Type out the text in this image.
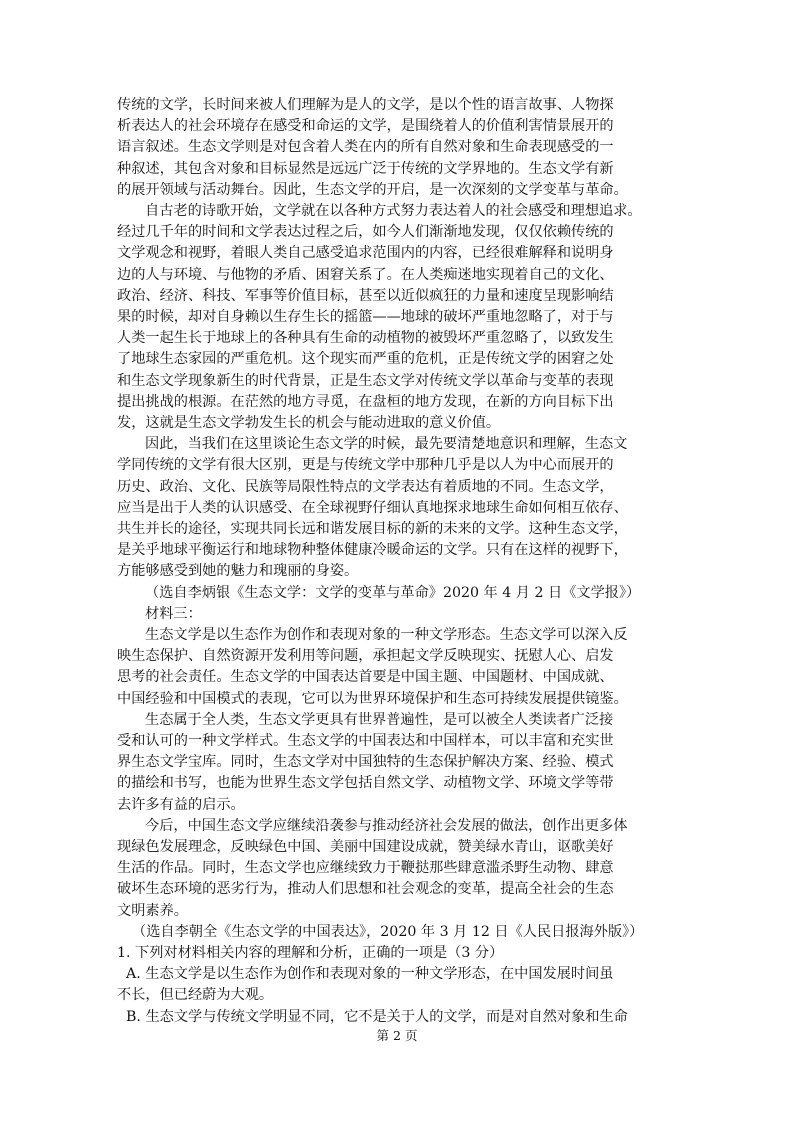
传统的文学，长时间来被人们理解为是人的文学，是以个性的语言故事、人物探
析表达人的社会环境存在感受和命运的文学，是围绕着人的价值利害情景展开的
语言叙述。生态文学则是对包含着人类在内的所有自然对象和生命表现感受的一
种叙述，其包含对象和目标显然是远远广泛于传统的文学界地的。生态文学有新
的展开领域与活动舞台。因此，生态文学的开启，是一次深刻的文学变革与革命。
自古老的诗歌开始，文学就在以各种方式努力表达着人的社会感受和理想追求。
经过几千年的时间和文学表达过程之后，如今人们渐渐地发现，仅仅依赖传统的
文学观念和视野，着眼人类自己感受追求范围内的内容，已经很难解释和说明身
边的人与环境、与他物的矛盾、困窘关系了。在人类痴迷地实现着自己的文化、
政治、经济、科技、军事等价值目标，甚至以近似疯狂的力量和速度呈现影响结
果的时候，却对自身赖以生存生长的摇篮——地球的破坏严重地忽略了，对于与
人类一起生长于地球上的各种具有生命的动植物的被毁坏严重忽略了，以致发生
了地球生态家园的严重危机。这个现实而严重的危机，正是传统文学的困窘之处
和生态文学现象新生的时代背景，正是生态文学对传统文学以革命与变革的表现
提出挑战的根源。在茫然的地方寻觅，在盘桓的地方发现，在新的方向目标下出
发，这就是生态文学勃发生长的机会与能动进取的意义价值。
因此，当我们在这里谈论生态文学的时候，最先要清楚地意识和理解，生态文
学同传统的文学有很大区别，更是与传统文学中那种几乎是以人为中心而展开的
历史、政治、文化、民族等局限性特点的文学表达有着质地的不同。生态文学，
应当是出于人类的认识感受、在全球视野仔细认真地探求地球生命如何相互依存、
共生并长的途径，实现共同长远和谐发展目标的新的未来的文学。这种生态文学，
是关乎地球平衡运行和地球物种整体健康冷暖命运的文学。只有在这样的视野下，
方能够感受到她的魅力和瑰丽的身姿。
（选自李炳银《生态文学：文学的变革与革命》2020 年 4 月 2 日《文学报》）
材料三：
生态文学是以生态作为创作和表现对象的一种文学形态。生态文学可以深入反
映生态保护、自然资源开发利用等问题，承担起文学反映现实、抚慰人心、启发
思考的社会责任。生态文学的中国表达首要是中国主题、中国题材、中国成就、
中国经验和中国模式的表现，它可以为世界环境保护和生态可持续发展提供镜鉴。
生态属于全人类，生态文学更具有世界普遍性，是可以被全人类读者广泛接
受和认可的一种文学样式。生态文学的中国表达和中国样本，可以丰富和充实世
界生态文学宝库。同时，生态文学对中国独特的生态保护解决方案、经验、模式
的描绘和书写，也能为世界生态文学包括自然文学、动植物文学、环境文学等带
去许多有益的启示。
今后，中国生态文学应继续沿袭参与推动经济社会发展的做法，创作出更多体
现绿色发展理念，反映绿色中国、美丽中国建设成就，赞美绿水青山，讴歌美好
生活的作品。同时，生态文学也应继续致力于鞭挞那些肆意滥杀野生动物、肆意
破坏生态环境的恶劣行为，推动人们思想和社会观念的变革，提高全社会的生态
文明素养。
（选自李朝全《生态文学的中国表达》，2020 年 3 月 12 日《人民日报海外版》）
1. 下列对材料相关内容的理解和分析，正确的一项是（3 分）
A. 生态文学是以生态作为创作和表现对象的一种文学形态，在中国发展时间虽
不长，但已经蔚为大观。
B. 生态文学与传统文学明显不同，它不是关于人的文学，而是对自然对象和生命
第 2 页
